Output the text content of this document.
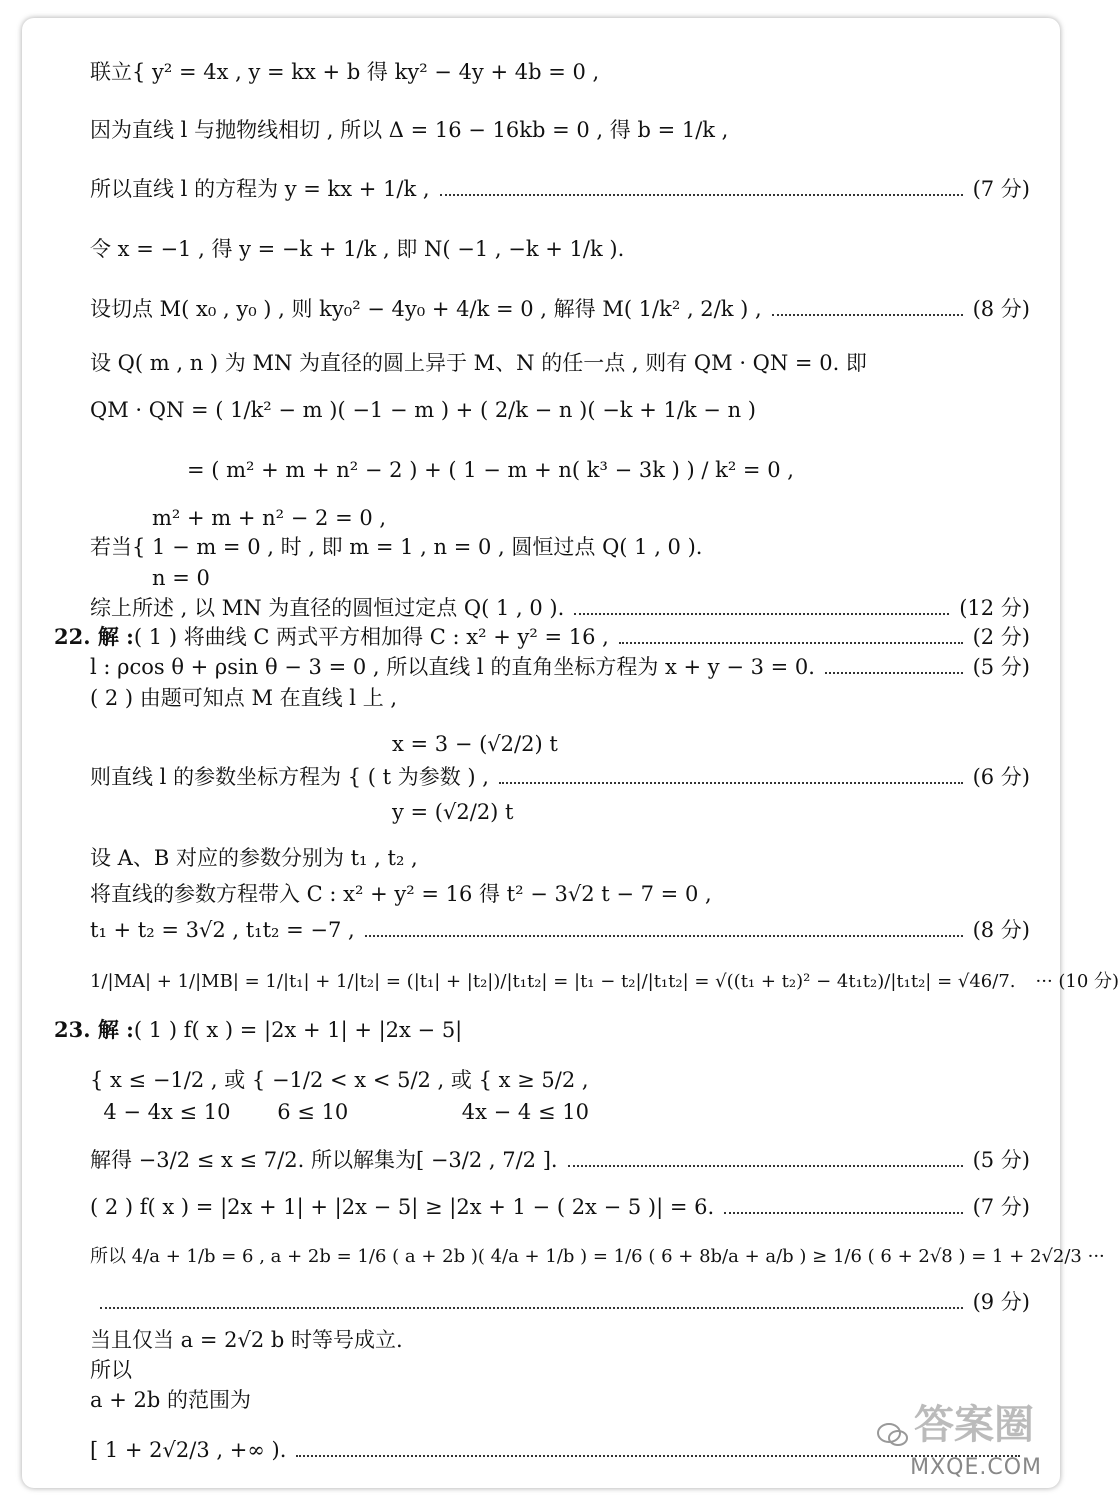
联立{ y² = 4x , y = kx + b 得 ky² − 4y + 4b = 0 ,
因为直线 l 与抛物线相切 , 所以 Δ = 16 − 16kb = 0 , 得 b = 1/k ,
所以直线 l 的方程为 y = kx + 1/k ,	(7 分)
令 x = −1 , 得 y = −k + 1/k , 即 N( −1 , −k + 1/k ).
设切点 M( x₀ , y₀ ) , 则 ky₀² − 4y₀ + 4/k = 0 , 解得 M( 1/k² , 2/k ) ,	(8 分)
设 Q( m , n ) 为 MN 为直径的圆上异于 M、N 的任一点 , 则有 QM · QN = 0. 即
QM · QN = ( 1/k² − m )( −1 − m ) + ( 2/k − n )( −k + 1/k − n )
= ( m² + m + n² − 2 ) + ( 1 − m + n( k³ − 3k ) ) / k² = 0 ,
m² + m + n² − 2 = 0 ,
若当{ 1 − m = 0 , 时 , 即 m = 1 , n = 0 , 圆恒过点 Q( 1 , 0 ).
n = 0
综上所述 , 以 MN 为直径的圆恒过定点 Q( 1 , 0 ).	(12 分)
22. 解 : ( 1 ) 将曲线 C 两式平方相加得 C : x² + y² = 16 ,	(2 分)
l : ρcos θ + ρsin θ − 3 = 0 , 所以直线 l 的直角坐标方程为 x + y − 3 = 0.	(5 分)
( 2 ) 由题可知点 M 在直线 l 上 ,
x = 3 − (√2/2) t
则直线 l 的参数坐标方程为 { ( t 为参数 ) ,	(6 分)
y = (√2/2) t
设 A、B 对应的参数分别为 t₁ , t₂ ,
将直线的参数方程带入 C : x² + y² = 16 得 t² − 3√2 t − 7 = 0 ,
t₁ + t₂ = 3√2 , t₁t₂ = −7 ,	(8 分)
1/|MA| + 1/|MB| = 1/|t₁| + 1/|t₂| = (|t₁| + |t₂|)/|t₁t₂| = |t₁ − t₂|/|t₁t₂| = √((t₁ + t₂)² − 4t₁t₂)/|t₁t₂| = √46/7. ··· (10 分)
23. 解 : ( 1 ) f( x ) = |2x + 1| + |2x − 5|
{ x ≤ −1/2 , 或 { −1/2 < x < 5/2 , 或 { x ≥ 5/2 ,
4 − 4x ≤ 10       6 ≤ 10                 4x − 4 ≤ 10
解得 −3/2 ≤ x ≤ 7/2. 所以解集为[ −3/2 , 7/2 ].	(5 分)
( 2 ) f( x ) = |2x + 1| + |2x − 5| ≥ |2x + 1 − ( 2x − 5 )| = 6.	(7 分)
所以 4/a + 1/b = 6 , a + 2b = 1/6 ( a + 2b )( 4/a + 1/b ) = 1/6 ( 6 + 8b/a + a/b ) ≥ 1/6 ( 6 + 2√8 ) = 1 + 2√2/3 ···
(9 分)
当且仅当 a = 2√2 b 时等号成立.
所以
a + 2b 的范围为
[ 1 + 2√2/3 , +∞ ).
答案圈
MXQE.COM
